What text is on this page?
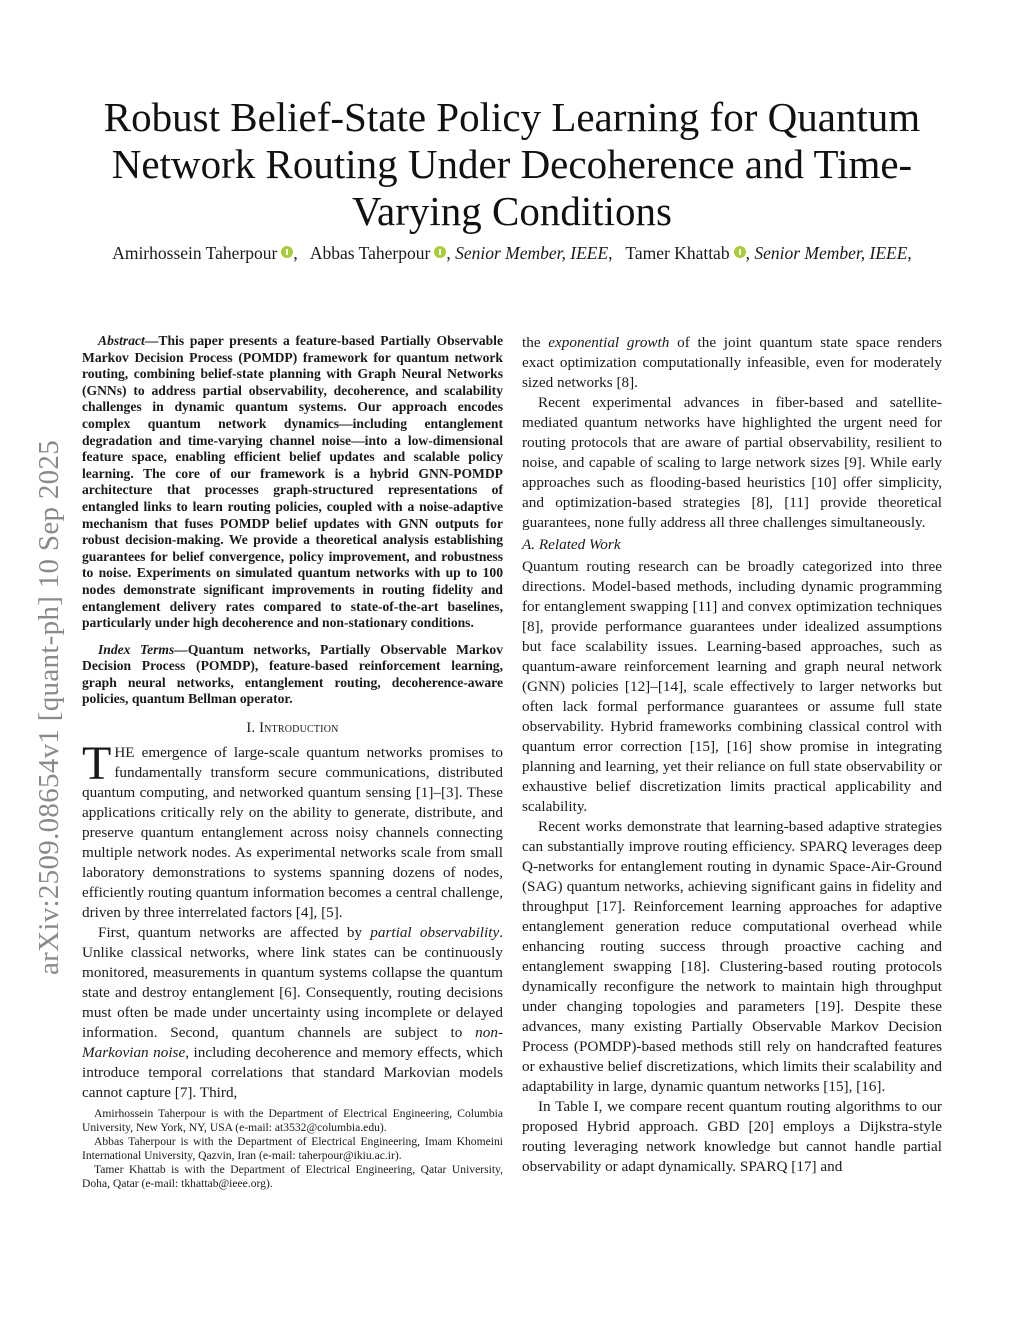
arXiv:2509.08654v1 [quant-ph] 10 Sep 2025
Robust Belief-State Policy Learning for Quantum Network Routing Under Decoherence and Time-Varying Conditions
Amirhossein Taherpour ,   Abbas Taherpour , Senior Member, IEEE,   Tamer Khattab , Senior Member, IEEE,

Abstract—This paper presents a feature-based Partially Observable Markov Decision Process (POMDP) framework for quantum network routing, combining belief-state planning with Graph Neural Networks (GNNs) to address partial observability, decoherence, and scalability challenges in dynamic quantum systems. Our approach encodes complex quantum network dynamics—including entanglement degradation and time-varying channel noise—into a low-dimensional feature space, enabling efficient belief updates and scalable policy learning. The core of our framework is a hybrid GNN-POMDP architecture that processes graph-structured representations of entangled links to learn routing policies, coupled with a noise-adaptive mechanism that fuses POMDP belief updates with GNN outputs for robust decision-making. We provide a theoretical analysis establishing guarantees for belief convergence, policy improvement, and robustness to noise. Experiments on simulated quantum networks with up to 100 nodes demonstrate significant improvements in routing fidelity and entanglement delivery rates compared to state-of-the-art baselines, particularly under high decoherence and non-stationary conditions.

Index Terms—Quantum networks, Partially Observable Markov Decision Process (POMDP), feature-based reinforcement learning, graph neural networks, entanglement routing, decoherence-aware policies, quantum Bellman operator.

I. Introduction

THE emergence of large-scale quantum networks promises to fundamentally transform secure communications, distributed quantum computing, and networked quantum sensing [1]–[3]. These applications critically rely on the ability to generate, distribute, and preserve quantum entanglement across noisy channels connecting multiple network nodes. As experimental networks scale from small laboratory demonstrations to systems spanning dozens of nodes, efficiently routing quantum information becomes a central challenge, driven by three interrelated factors [4], [5].

First, quantum networks are affected by partial observability. Unlike classical networks, where link states can be continuously monitored, measurements in quantum systems collapse the quantum state and destroy entanglement [6]. Consequently, routing decisions must often be made under uncertainty using incomplete or delayed information. Second, quantum channels are subject to non-Markovian noise, including decoherence and memory effects, which introduce temporal correlations that standard Markovian models cannot capture [7]. Third,

Amirhossein Taherpour is with the Department of Electrical Engineering, Columbia University, New York, NY, USA (e-mail: at3532@columbia.edu).

Abbas Taherpour is with the Department of Electrical Engineering, Imam Khomeini International University, Qazvin, Iran (e-mail: taherpour@ikiu.ac.ir).

Tamer Khattab is with the Department of Electrical Engineering, Qatar University, Doha, Qatar (e-mail: tkhattab@ieee.org).

the exponential growth of the joint quantum state space renders exact optimization computationally infeasible, even for moderately sized networks [8].

Recent experimental advances in fiber-based and satellite-mediated quantum networks have highlighted the urgent need for routing protocols that are aware of partial observability, resilient to noise, and capable of scaling to large network sizes [9]. While early approaches such as flooding-based heuristics [10] offer simplicity, and optimization-based strategies [8], [11] provide theoretical guarantees, none fully address all three challenges simultaneously.

A. Related Work

Quantum routing research can be broadly categorized into three directions. Model-based methods, including dynamic programming for entanglement swapping [11] and convex optimization techniques [8], provide performance guarantees under idealized assumptions but face scalability issues. Learning-based approaches, such as quantum-aware reinforcement learning and graph neural network (GNN) policies [12]–[14], scale effectively to larger networks but often lack formal performance guarantees or assume full state observability. Hybrid frameworks combining classical control with quantum error correction [15], [16] show promise in integrating planning and learning, yet their reliance on full state observability or exhaustive belief discretization limits practical applicability and scalability.

Recent works demonstrate that learning-based adaptive strategies can substantially improve routing efficiency. SPARQ leverages deep Q-networks for entanglement routing in dynamic Space-Air-Ground (SAG) quantum networks, achieving significant gains in fidelity and throughput [17]. Reinforcement learning approaches for adaptive entanglement generation reduce computational overhead while enhancing routing success through proactive caching and entanglement swapping [18]. Clustering-based routing protocols dynamically reconfigure the network to maintain high throughput under changing topologies and parameters [19]. Despite these advances, many existing Partially Observable Markov Decision Process (POMDP)-based methods still rely on handcrafted features or exhaustive belief discretizations, which limits their scalability and adaptability in large, dynamic quantum networks [15], [16].

In Table I, we compare recent quantum routing algorithms to our proposed Hybrid approach. GBD [20] employs a Dijkstra-style routing leveraging network knowledge but cannot handle partial observability or adapt dynamically. SPARQ [17] and
